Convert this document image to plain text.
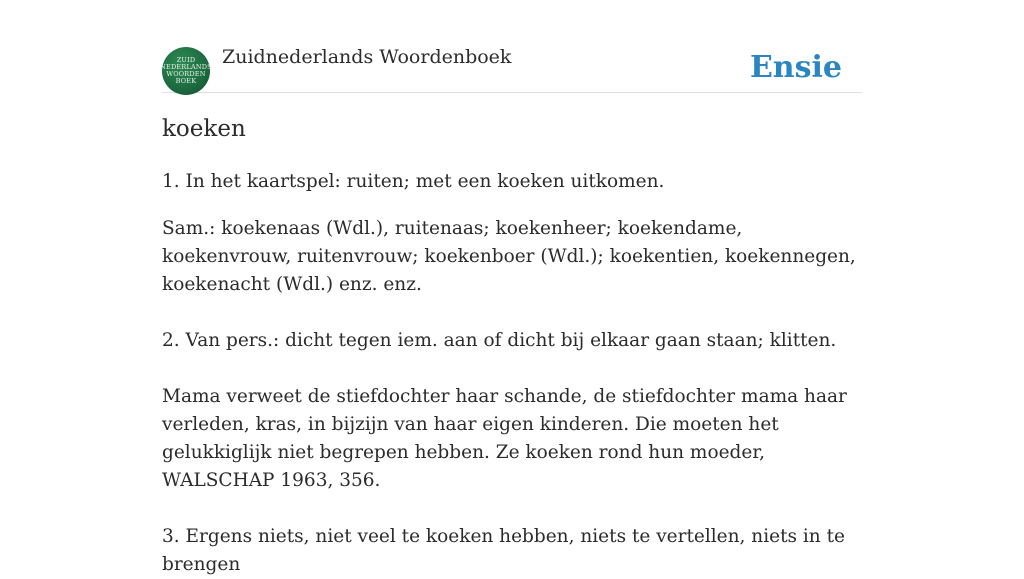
ZUID
NEDERLANDS
WOORDEN
BOEK
Zuidnederlands Woordenboek	Ensie
koeken

1. In het kaartspel: ruiten; met een koeken uitkomen.

Sam.: koekenaas (Wdl.), ruitenaas; koekenheer; koekendame, koekenvrouw, ruitenvrouw; koekenboer (Wdl.); koekentien, koekennegen, koekenacht (Wdl.) enz. enz.

2. Van pers.: dicht tegen iem. aan of dicht bij elkaar gaan staan; klitten.

Mama verweet de stiefdochter haar schande, de stiefdochter mama haar verleden, kras, in bijzijn van haar eigen kinderen. Die moeten het gelukkiglijk niet begrepen hebben. Ze koeken rond hun moeder, WALSCHAP 1963, 356.

3. Ergens niets, niet veel te koeken hebben, niets te vertellen, niets in te brengen
